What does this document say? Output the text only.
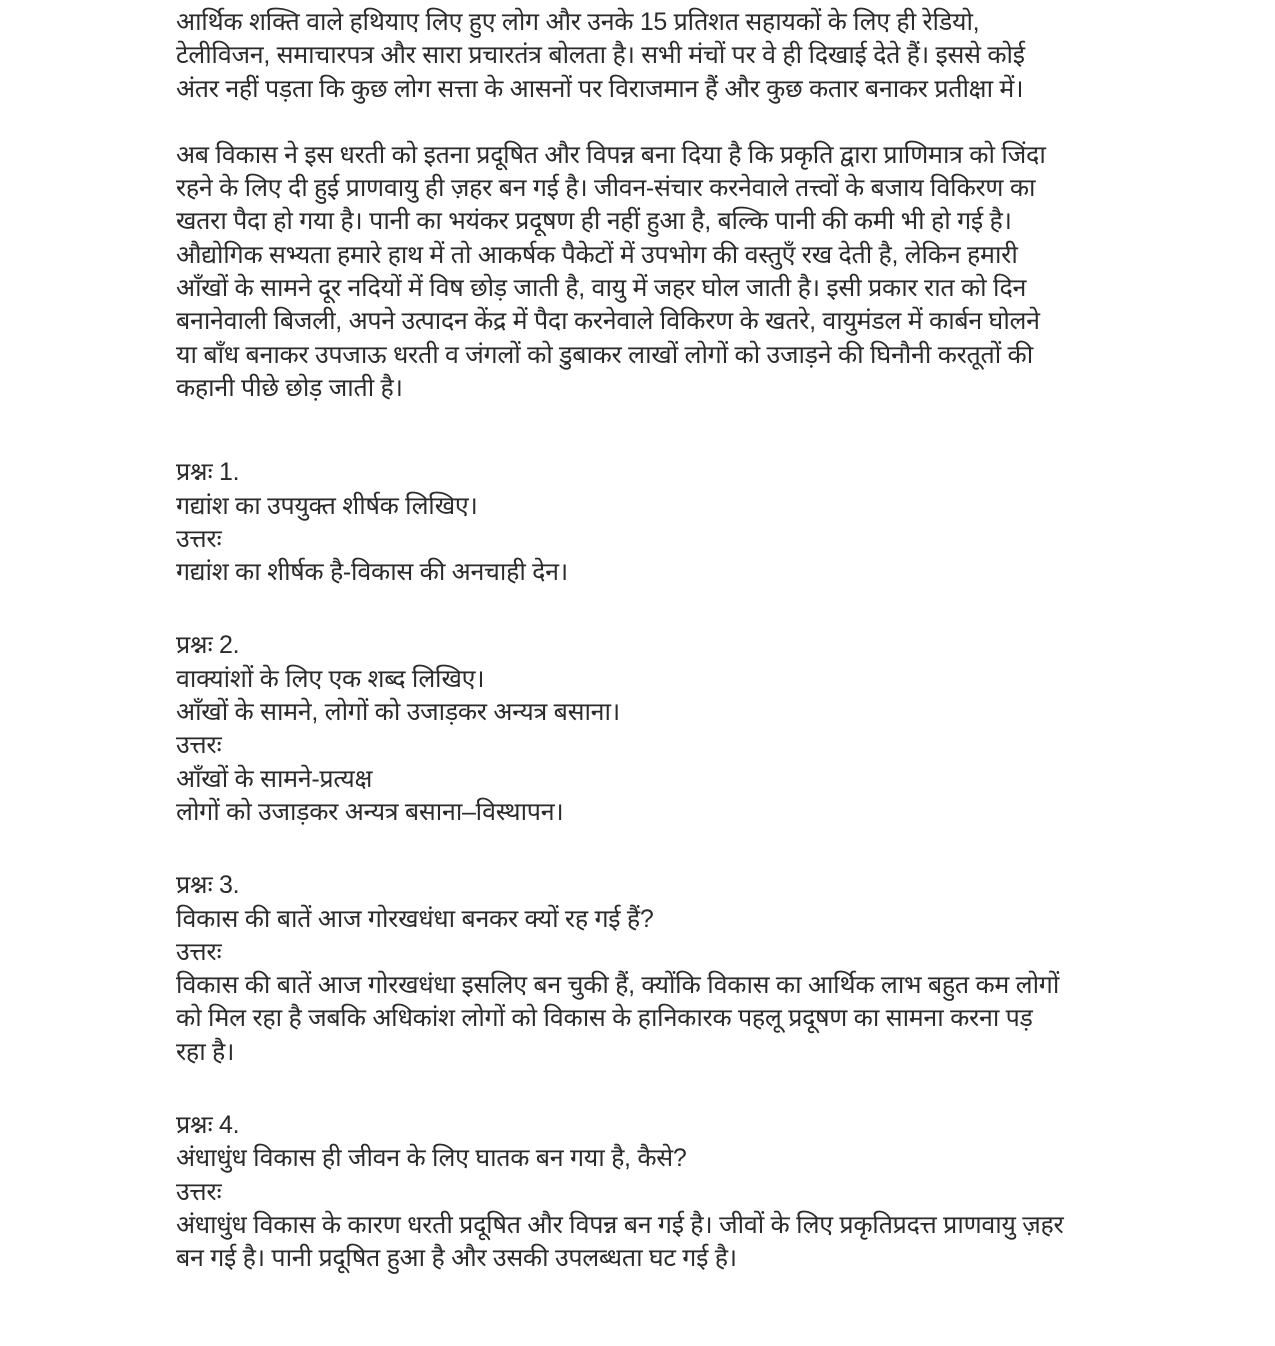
आर्थिक शक्ति वाले हथियाए लिए हुए लोग और उनके 15 प्रतिशत सहायकों के लिए ही रेडियो,
टेलीविजन, समाचारपत्र और सारा प्रचारतंत्र बोलता है। सभी मंचों पर वे ही दिखाई देते हैं। इससे कोई
अंतर नहीं पड़ता कि कुछ लोग सत्ता के आसनों पर विराजमान हैं और कुछ कतार बनाकर प्रतीक्षा में।

अब विकास ने इस धरती को इतना प्रदूषित और विपन्न बना दिया है कि प्रकृति द्वारा प्राणिमात्र को जिंदा
रहने के लिए दी हुई प्राणवायु ही ज़हर बन गई है। जीवन-संचार करनेवाले तत्त्वों के बजाय विकिरण का
खतरा पैदा हो गया है। पानी का भयंकर प्रदूषण ही नहीं हुआ है, बल्कि पानी की कमी भी हो गई है।
औद्योगिक सभ्यता हमारे हाथ में तो आकर्षक पैकेटों में उपभोग की वस्तुएँ रख देती है, लेकिन हमारी
आँखों के सामने दूर नदियों में विष छोड़ जाती है, वायु में जहर घोल जाती है। इसी प्रकार रात को दिन
बनानेवाली बिजली, अपने उत्पादन केंद्र में पैदा करनेवाले विकिरण के खतरे, वायुमंडल में कार्बन घोलने
या बाँध बनाकर उपजाऊ धरती व जंगलों को डुबाकर लाखों लोगों को उजाड़ने की घिनौनी करतूतों की
कहानी पीछे छोड़ जाती है।

प्रश्नः 1.
गद्यांश का उपयुक्त शीर्षक लिखिए।
उत्तरः
गद्यांश का शीर्षक है-विकास की अनचाही देन।
प्रश्नः 2.
वाक्यांशों के लिए एक शब्द लिखिए।
आँखों के सामने, लोगों को उजाड़कर अन्यत्र बसाना।
उत्तरः
आँखों के सामने-प्रत्यक्ष
लोगों को उजाड़कर अन्यत्र बसाना–विस्थापन।
प्रश्नः 3.
विकास की बातें आज गोरखधंधा बनकर क्यों रह गई हैं?
उत्तरः
विकास की बातें आज गोरखधंधा इसलिए बन चुकी हैं, क्योंकि विकास का आर्थिक लाभ बहुत कम लोगों
को मिल रहा है जबकि अधिकांश लोगों को विकास के हानिकारक पहलू प्रदूषण का सामना करना पड़
रहा है।
प्रश्नः 4.
अंधाधुंध विकास ही जीवन के लिए घातक बन गया है, कैसे?
उत्तरः
अंधाधुंध विकास के कारण धरती प्रदूषित और विपन्न बन गई है। जीवों के लिए प्रकृतिप्रदत्त प्राणवायु ज़हर
बन गई है। पानी प्रदूषित हुआ है और उसकी उपलब्धता घट गई है।
